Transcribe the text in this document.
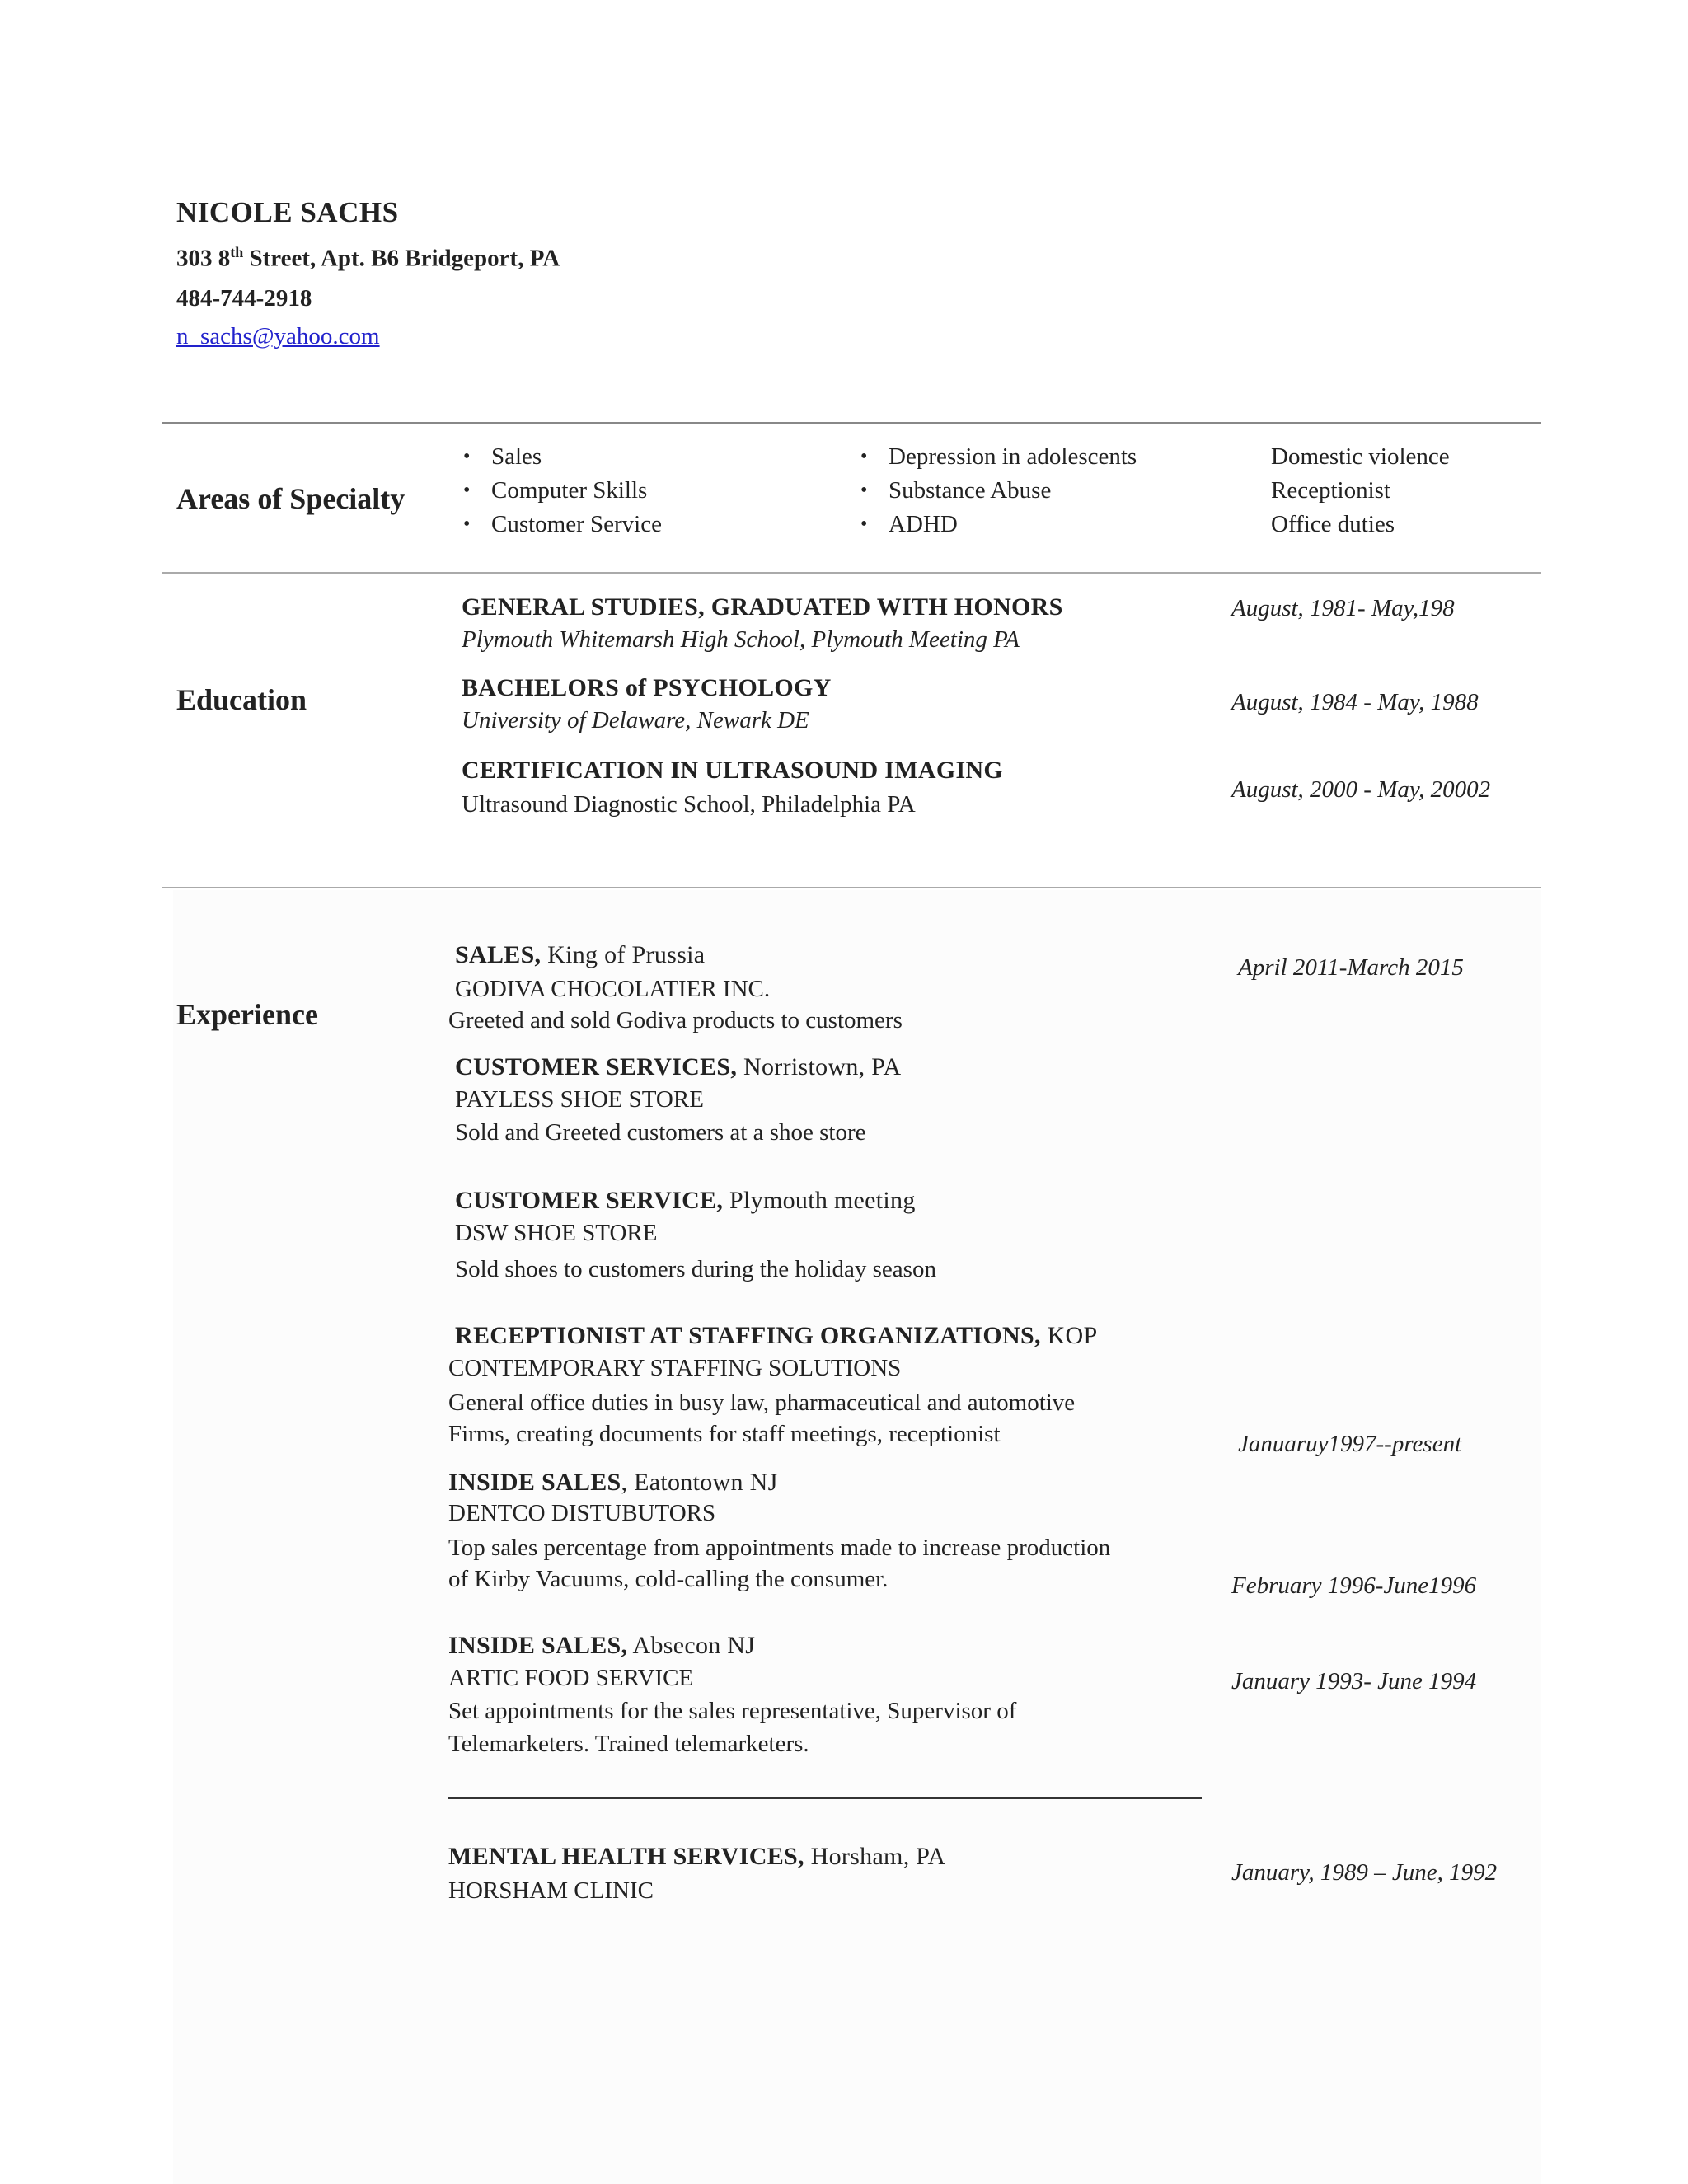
NICOLE SACHS
303 8th Street, Apt. B6 Bridgeport, PA
484-744-2918
n_sachs@yahoo.com
Areas of Specialty
• Sales
• Computer Skills
• Customer Service
• Depression in adolescents
• Substance Abuse
• ADHD
Domestic violence
Receptionist
Office duties
Education
GENERAL STUDIES, GRADUATED WITH HONORS
Plymouth Whitemarsh High School, Plymouth Meeting PA
August, 1981- May,198
BACHELORS of PSYCHOLOGY
University of Delaware, Newark DE
August, 1984 - May, 1988
CERTIFICATION IN ULTRASOUND IMAGING
Ultrasound Diagnostic School, Philadelphia PA
August, 2000 - May, 20002
Experience
SALES, King of Prussia
GODIVA CHOCOLATIER INC.
Greeted and sold Godiva products to customers
April 2011-March 2015
CUSTOMER SERVICES, Norristown, PA
PAYLESS SHOE STORE
Sold and Greeted customers at a shoe store
CUSTOMER SERVICE, Plymouth meeting
DSW SHOE STORE
Sold shoes to customers during the holiday season
RECEPTIONIST AT STAFFING ORGANIZATIONS, KOP
CONTEMPORARY STAFFING SOLUTIONS
General office duties in busy law, pharmaceutical and automotive
Firms, creating documents for staff meetings, receptionist	Januaruy1997--present
INSIDE SALES, Eatontown NJ
DENTCO DISTUBUTORS
Top sales percentage from appointments made to increase production
of Kirby Vacuums, cold-calling the consumer.	February 1996-June1996
INSIDE SALES, Absecon NJ
ARTIC FOOD SERVICE
Set appointments for the sales representative, Supervisor of
Telemarketers. Trained telemarketers.
January 1993- June 1994
MENTAL HEALTH SERVICES, Horsham, PA
HORSHAM CLINIC
January, 1989 – June, 1992
